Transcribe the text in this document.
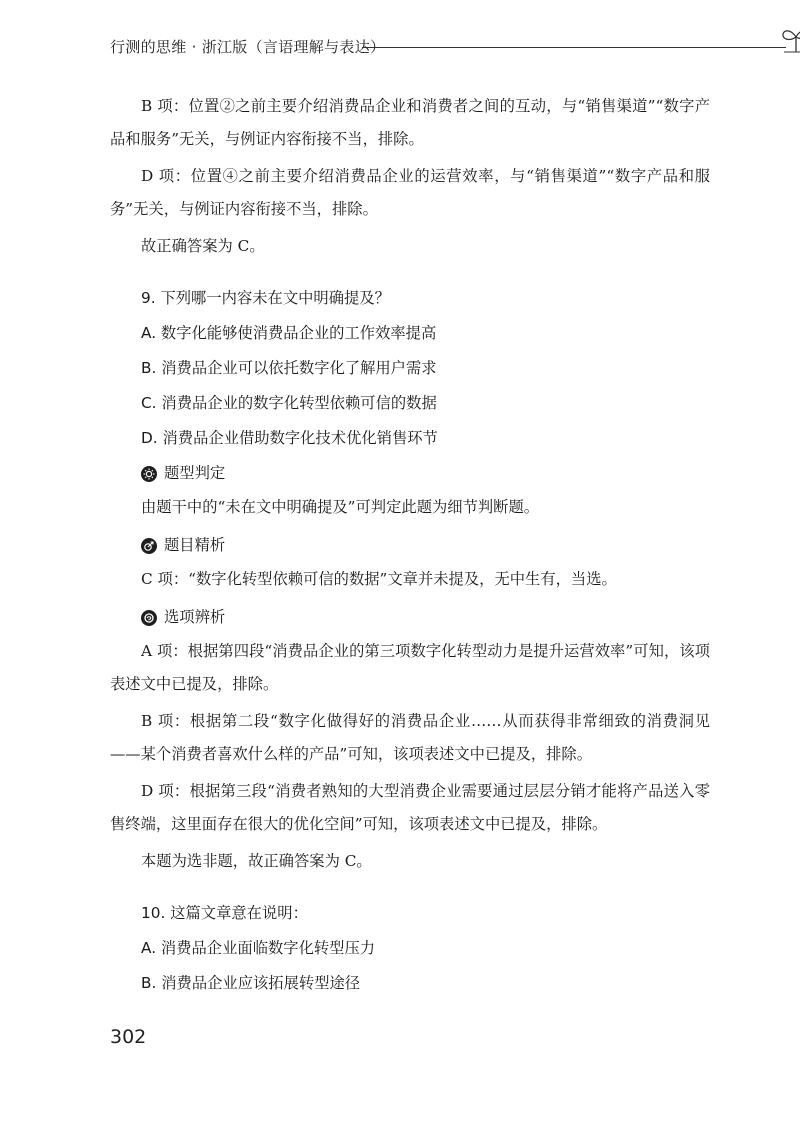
行测的思维 · 浙江版（言语理解与表达）

B 项：位置②之前主要介绍消费品企业和消费者之间的互动，与“销售渠道”“数字产品和服务”无关，与例证内容衔接不当，排除。

D 项：位置④之前主要介绍消费品企业的运营效率，与“销售渠道”“数字产品和服务”无关，与例证内容衔接不当，排除。

故正确答案为 C。

9. 下列哪一内容未在文中明确提及？

A. 数字化能够使消费品企业的工作效率提高

B. 消费品企业可以依托数字化了解用户需求

C. 消费品企业的数字化转型依赖可信的数据

D. 消费品企业借助数字化技术优化销售环节

题型判定

由题干中的“未在文中明确提及”可判定此题为细节判断题。

题目精析

C 项：“数字化转型依赖可信的数据”文章并未提及，无中生有，当选。

选项辨析

A 项：根据第四段“消费品企业的第三项数字化转型动力是提升运营效率”可知，该项表述文中已提及，排除。

B 项：根据第二段“数字化做得好的消费品企业……从而获得非常细致的消费洞见——某个消费者喜欢什么样的产品”可知，该项表述文中已提及，排除。

D 项：根据第三段“消费者熟知的大型消费企业需要通过层层分销才能将产品送入零售终端，这里面存在很大的优化空间”可知，该项表述文中已提及，排除。

本题为选非题，故正确答案为 C。

10. 这篇文章意在说明：

A. 消费品企业面临数字化转型压力

B. 消费品企业应该拓展转型途径

302
